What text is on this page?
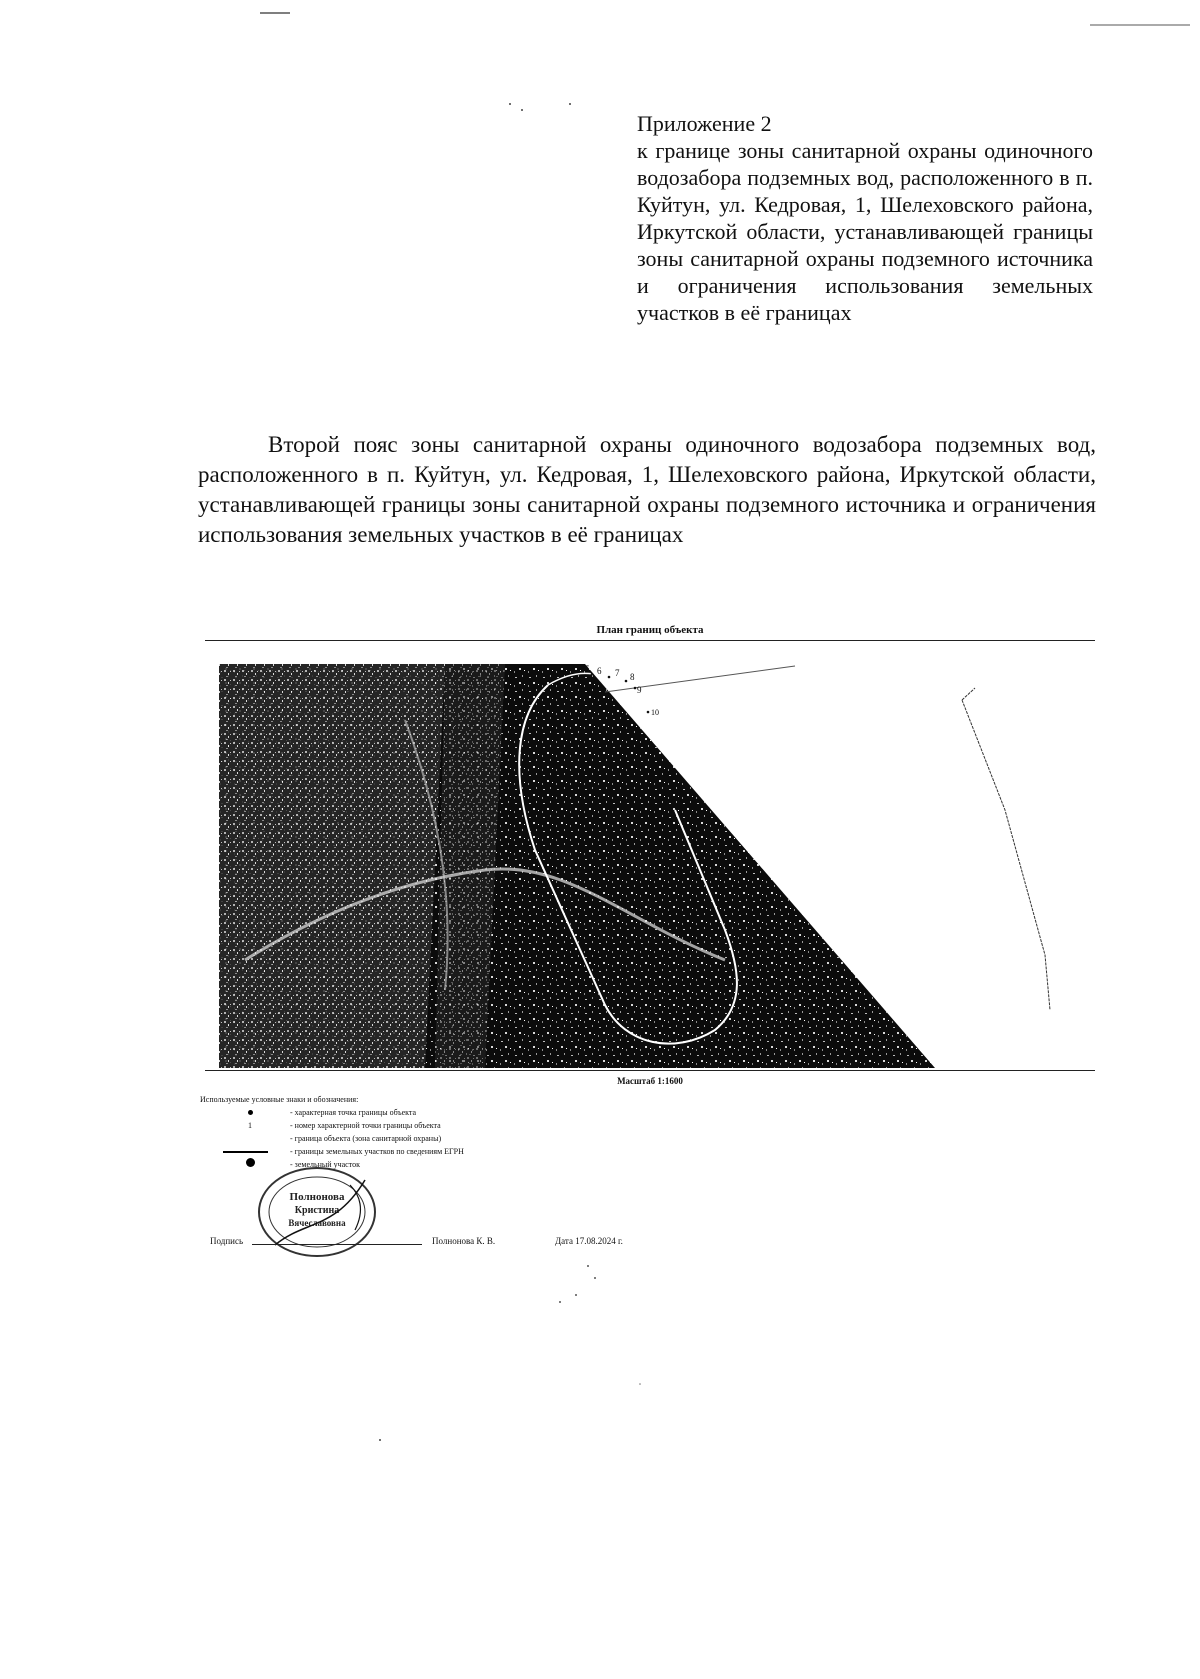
Приложение 2
к границе зоны санитарной охраны одиночного водозабора подземных вод, расположенного в п. Куйтун, ул. Кедровая, 1, Шелеховского района, Иркутской области, устанавливающей границы зоны санитарной охраны подземного источника и ограничения использования земельных участков в её границах
Второй пояс зоны санитарной охраны одиночного водозабора подземных вод, расположенного в п. Куйтун, ул. Кедровая, 1, Шелеховского района, Иркутской области, устанавливающей границы зоны санитарной охраны подземного источника и ограничения использования земельных участков в её границах
План границ объекта
5 6 7 8
9
10
Масштаб 1:1600
Используемые условные знаки и обозначения:
- характерная точка границы объекта
1	- номер характерной точки границы объекта
- граница объекта (зона санитарной охраны)
- границы земельных участков по сведениям ЕГРН
- земельный участок
Полнонова
Кристина
Вячеславовна
Подпись	Полнонова К. В.	Дата 17.08.2024 г.
